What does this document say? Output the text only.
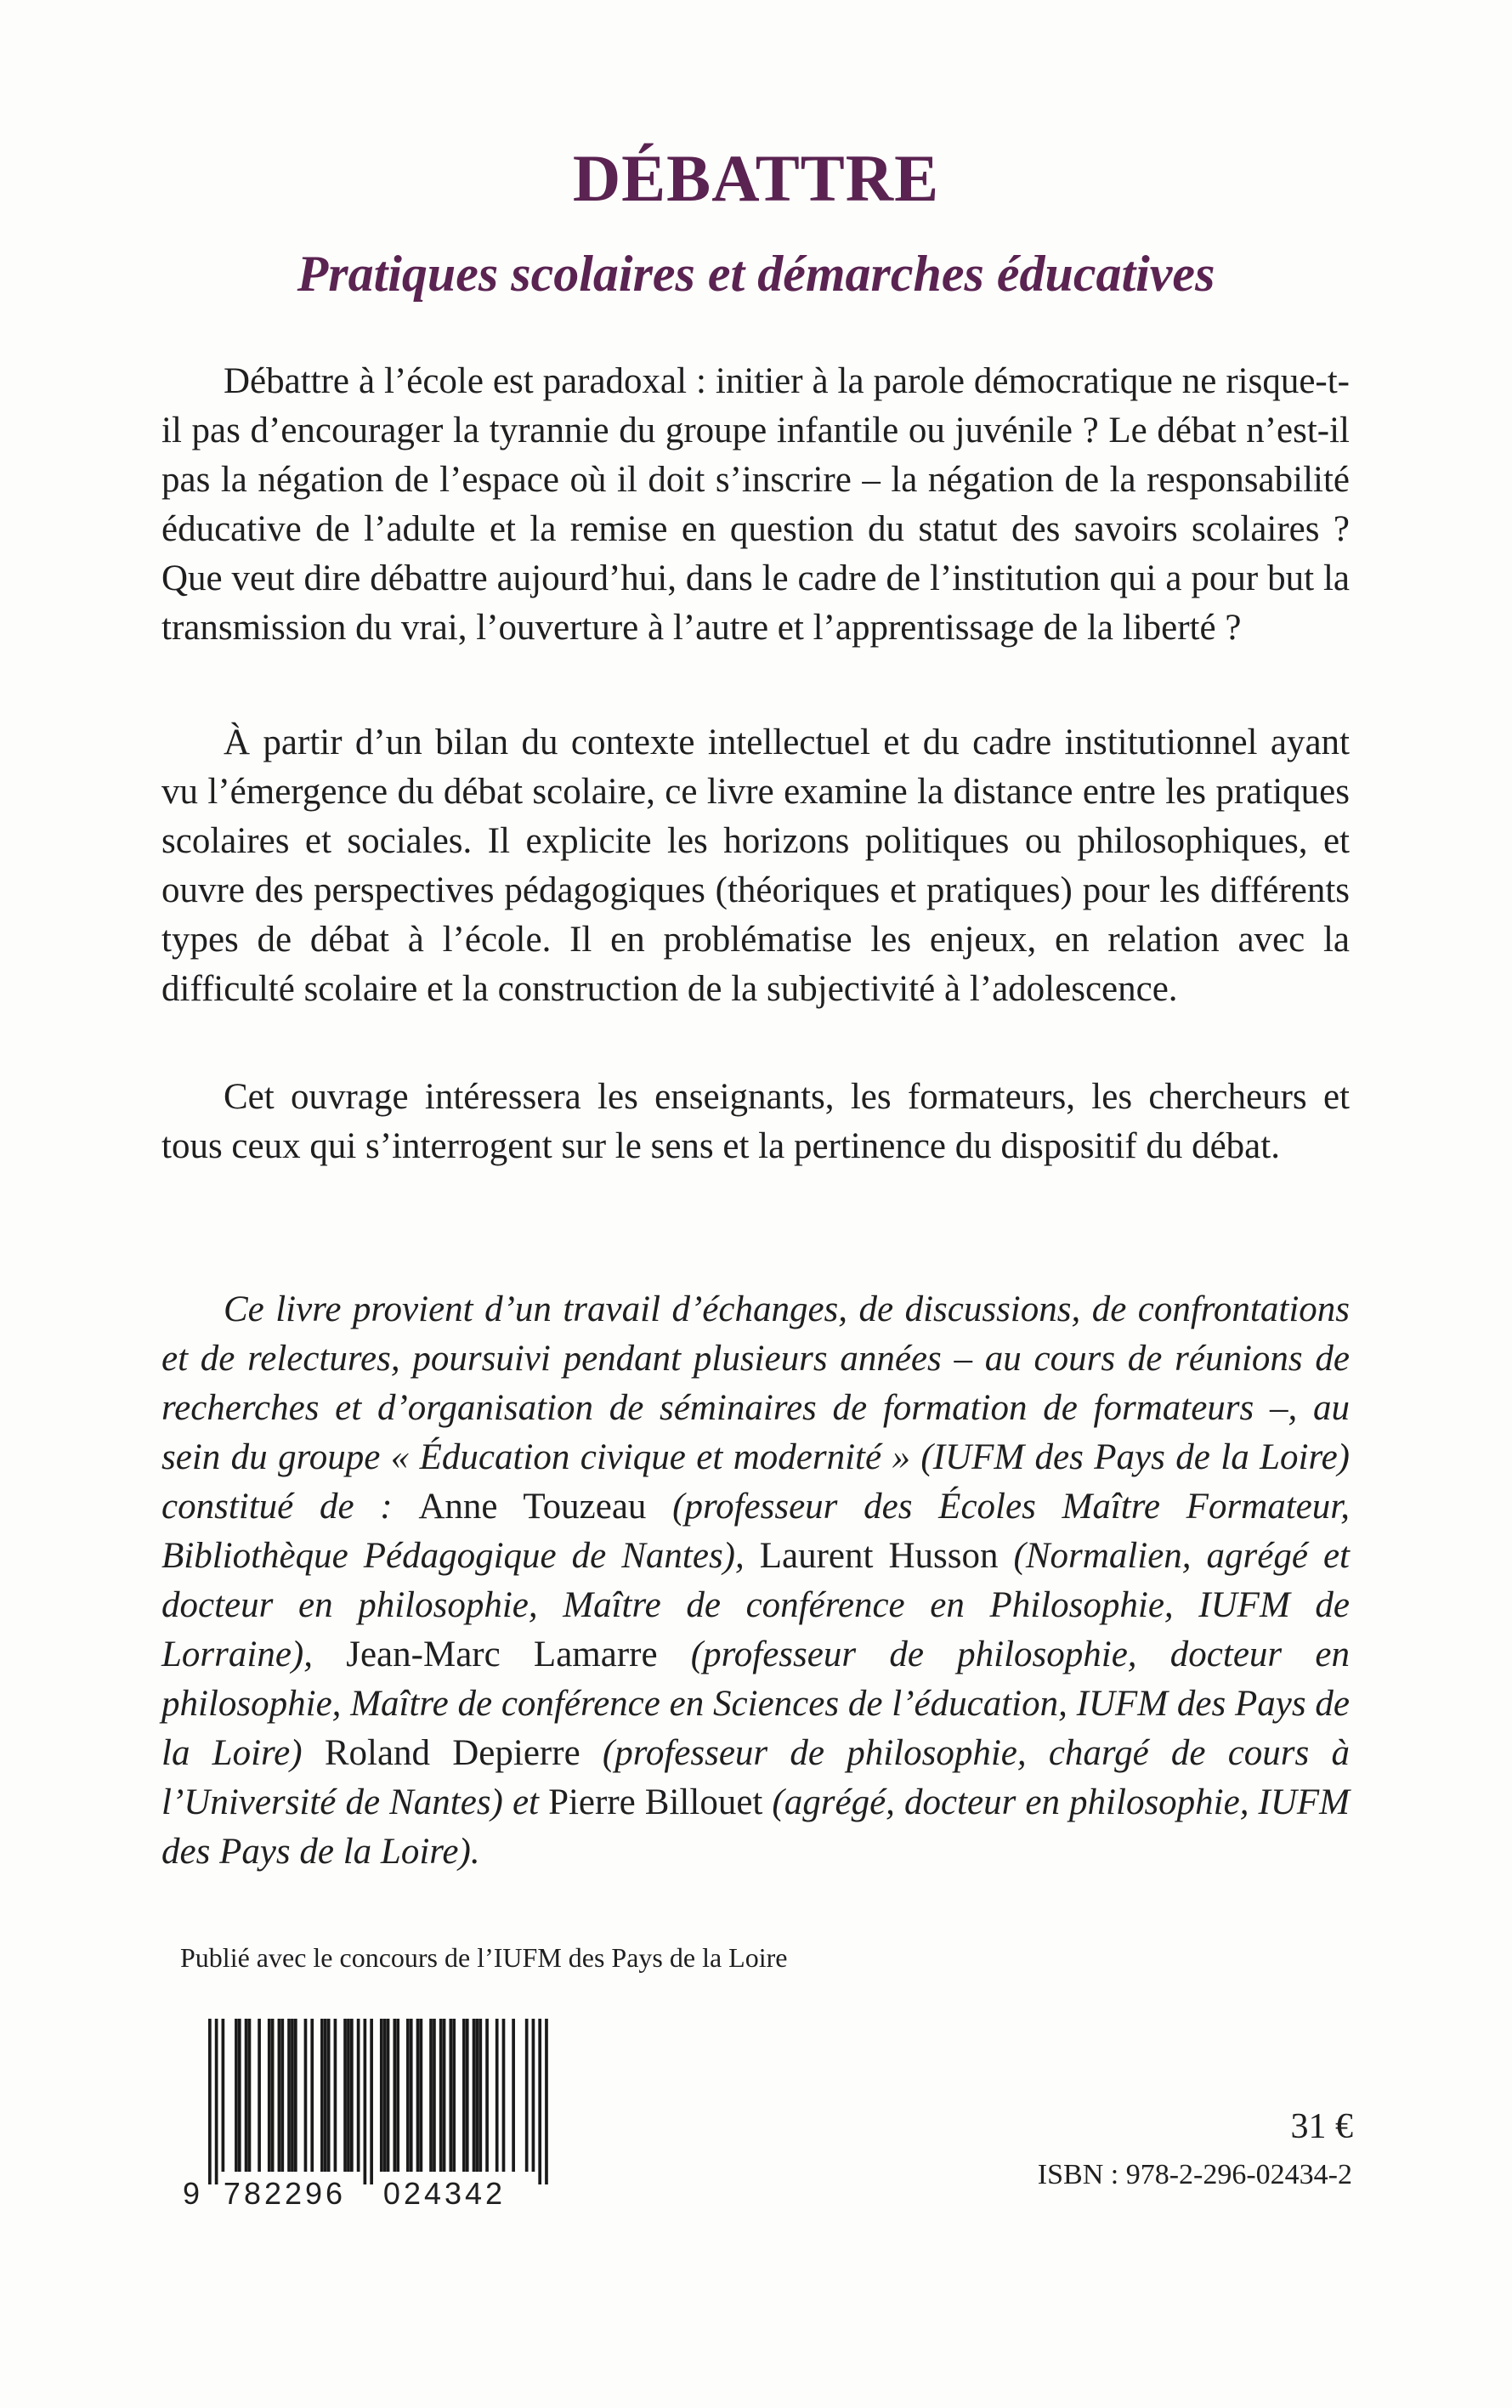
DÉBATTRE
Pratiques scolaires et démarches éducatives

Débattre à l’école est paradoxal : initier à la parole démocratique ne risque-t-il pas d’encourager la tyrannie du groupe infantile ou juvénile ? Le débat n’est-il pas la négation de l’espace où il doit s’inscrire – la négation de la responsabilité éducative de l’adulte et la remise en question du statut des savoirs scolaires ? Que veut dire débattre aujourd’hui, dans le cadre de l’institution qui a pour but la transmission du vrai, l’ouverture à l’autre et l’apprentissage de la liberté ?

À partir d’un bilan du contexte intellectuel et du cadre institutionnel ayant vu l’émergence du débat scolaire, ce livre examine la distance entre les pratiques scolaires et sociales. Il explicite les horizons politiques ou philosophiques, et ouvre des perspectives pédagogiques (théoriques et pratiques) pour les différents types de débat à l’école. Il en problématise les enjeux, en relation avec la difficulté scolaire et la construction de la subjectivité à l’adolescence.

Cet ouvrage intéressera les enseignants, les formateurs, les chercheurs et tous ceux qui s’interrogent sur le sens et la pertinence du dispositif du débat.

Ce livre provient d’un travail d’échanges, de discussions, de confrontations et de relectures, poursuivi pendant plusieurs années – au cours de réunions de recherches et d’organisation de séminaires de formation de formateurs –, au sein du groupe « Éducation civique et modernité » (IUFM des Pays de la Loire) constitué de : Anne Touzeau (professeur des Écoles Maître Formateur, Bibliothèque Pédagogique de Nantes), Laurent Husson (Normalien, agrégé et docteur en philosophie, Maître de conférence en Philosophie, IUFM de Lorraine), Jean-Marc Lamarre (professeur de philosophie, docteur en philosophie, Maître de conférence en Sciences de l’éducation, IUFM des Pays de la Loire) Roland Depierre (professeur de philosophie, chargé de cours à l’Université de Nantes) et Pierre Billouet (agrégé, docteur en philosophie, IUFM des Pays de la Loire).

Publié avec le concours de l’IUFM des Pays de la Loire

9 782296 024342

31 €

ISBN : 978-2-296-02434-2
